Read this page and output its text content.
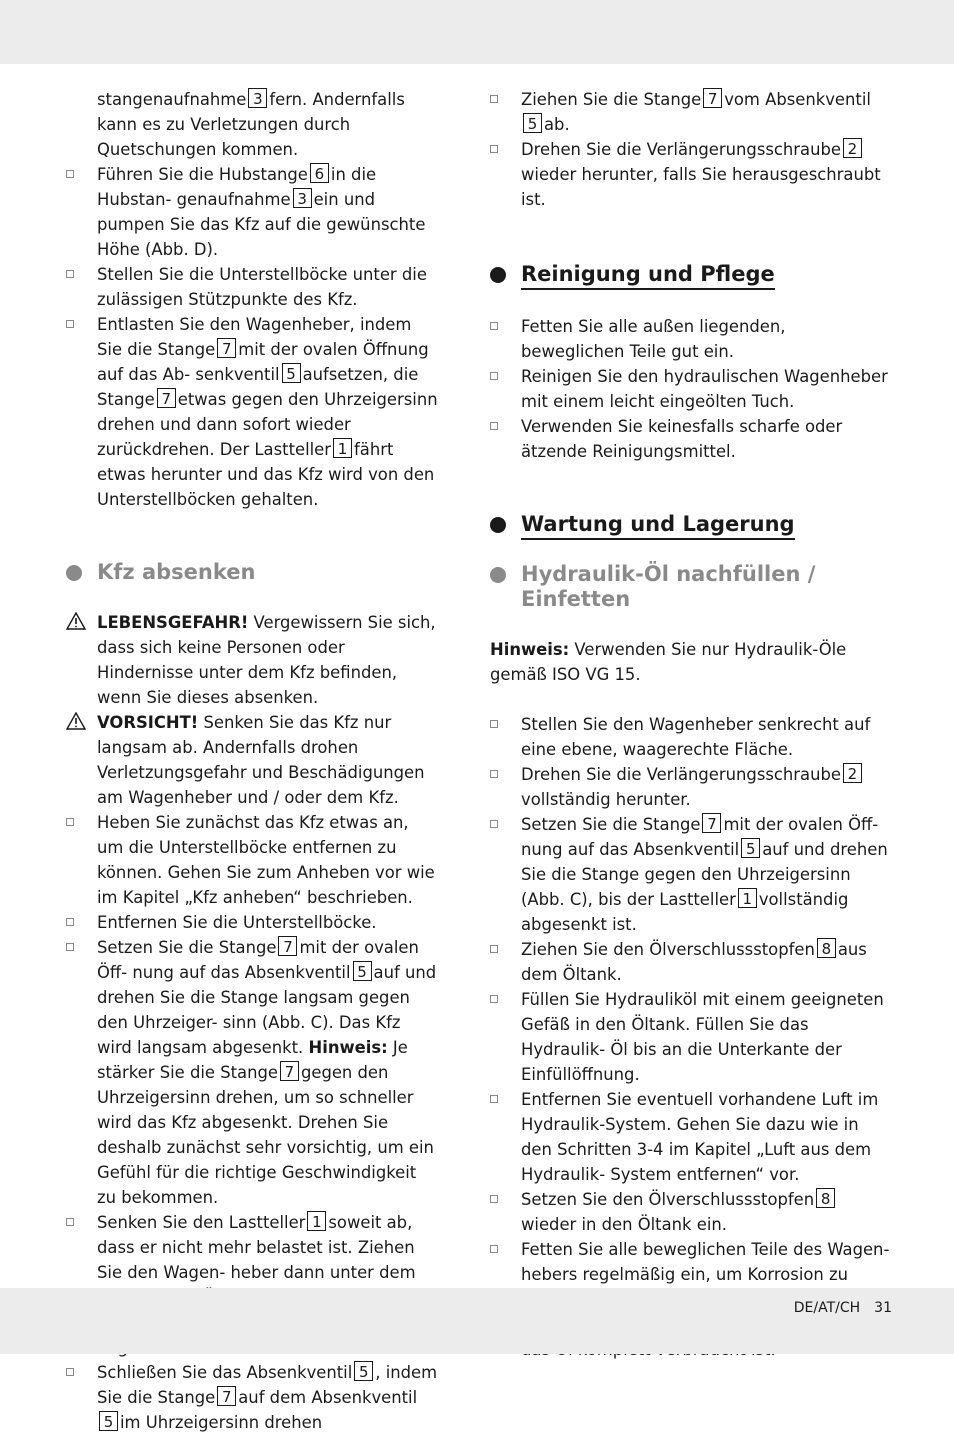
stangenaufnahme 3 fern. Andernfalls kann es zu Verletzungen durch Quetschungen kommen.
Führen Sie die Hubstange 6 in die Hubstan- genaufnahme 3 ein und pumpen Sie das Kfz auf die gewünschte Höhe (Abb. D).
Stellen Sie die Unterstellböcke unter die zulässigen Stützpunkte des Kfz.
Entlasten Sie den Wagenheber, indem Sie die Stange 7 mit der ovalen Öffnung auf das Ab- senkventil 5 aufsetzen, die Stange 7 etwas gegen den Uhrzeigersinn drehen und dann sofort wieder zurückdrehen. Der Lastteller 1 fährt etwas herunter und das Kfz wird von den Unterstellböcken gehalten.
Kfz absenken
LEBENSGEFAHR! Vergewissern Sie sich, dass sich keine Personen oder Hindernisse unter dem Kfz befinden, wenn Sie dieses absenken.
VORSICHT! Senken Sie das Kfz nur langsam ab. Andernfalls drohen Verletzungsgefahr und Beschädigungen am Wagenheber und / oder dem Kfz.
Heben Sie zunächst das Kfz etwas an, um die Unterstellböcke entfernen zu können. Gehen Sie zum Anheben vor wie im Kapitel „Kfz anheben“ beschrieben.
Entfernen Sie die Unterstellböcke.
Setzen Sie die Stange 7 mit der ovalen Öff- nung auf das Absenkventil 5 auf und drehen Sie die Stange langsam gegen den Uhrzeiger- sinn (Abb. C). Das Kfz wird langsam abgesenkt. Hinweis: Je stärker Sie die Stange 7 gegen den Uhrzeigersinn drehen, um so schneller wird das Kfz abgesenkt. Drehen Sie deshalb zunächst sehr vorsichtig, um ein Gefühl für die richtige Geschwindigkeit zu bekommen.
Senken Sie den Lastteller 1 soweit ab, dass er nicht mehr belastet ist. Ziehen Sie den Wagen- heber dann unter dem
Schließen Sie das Absenkventil 5 , indem Sie die Stange 7 auf dem Absenkventil5 im Uhrzeigersinn drehen
Ziehen Sie die Stange 7 vom Absenkventil5 ab.
Drehen Sie die Verlängerungsschraube 2wieder herunter, falls Sie herausgeschraubt ist.
Reinigung und Pflege
Fetten Sie alle außen liegenden, beweglichen Teile gut ein.
Reinigen Sie den hydraulischen Wagenheber mit einem leicht eingeölten Tuch.
Verwenden Sie keinesfalls scharfe oder ätzende Reinigungsmittel.
Wartung und Lagerung
Hydraulik-Öl nachfüllen / Einfetten
Hinweis: Verwenden Sie nur Hydraulik-Öle gemäß ISO VG 15.
Stellen Sie den Wagenheber senkrecht auf eine ebene, waagerechte Fläche.
Drehen Sie die Verlängerungsschraube 2vollständig herunter.
Setzen Sie die Stange 7 mit der ovalen Öff- nung auf das Absenkventil 5 auf und drehen Sie die Stange gegen den Uhrzeigersinn (Abb. C), bis der Lastteller 1 vollständig abgesenkt ist.
Ziehen Sie den Ölverschlussstopfen 8 aus dem Öltank.
Füllen Sie Hydrauliköl mit einem geeigneten Gefäß in den Öltank. Füllen Sie das Hydraulik- Öl bis an die Unterkante der Einfüllöffnung.
Entfernen Sie eventuell vorhandene Luft im Hydraulik-System. Gehen Sie dazu wie in den Schritten 3-4 im Kapitel „Luft aus dem Hydraulik- System entfernen“ vor.
Setzen Sie den Ölverschlussstopfen 8wieder in den Öltank ein.
Fetten Sie alle beweglichen Teile des Wagen- hebers regelmäßig ein, um Korrosion zu
DE/AT/CH 31
